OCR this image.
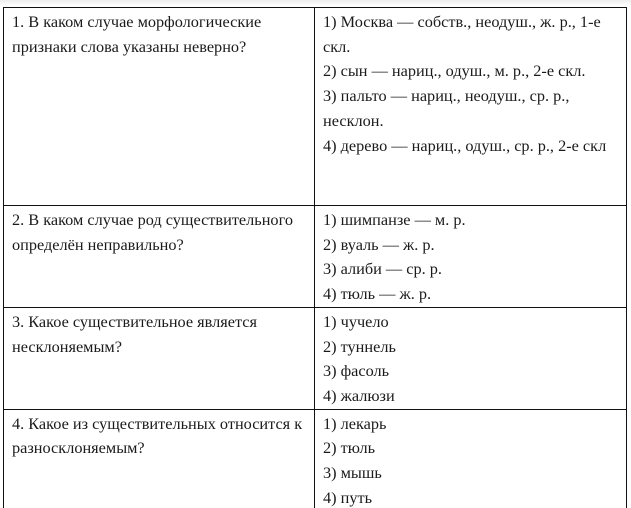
1. В каком случае морфологические признаки слова указаны неверно?	1) Москва — собств., неодуш., ж. р., 1-е скл.
2) сын — нариц., одуш., м. р., 2-е скл.
3) пальто — нариц., неодуш., ср. р., несклон.
4) дерево — нариц., одуш., ср. р., 2-е скл

2. В каком случае род существительного определён неправильно?	1) шимпанзе — м. р.
2) вуаль — ж. р.
3) алиби — ср. р.
4) тюль — ж. р.

3. Какое существительное является несклоняемым?	1) чучело
2) туннель
3) фасоль
4) жалюзи

4. Какое из существительных относится к разносклоняемым?	1) лекарь
2) тюль
3) мышь
4) путь
